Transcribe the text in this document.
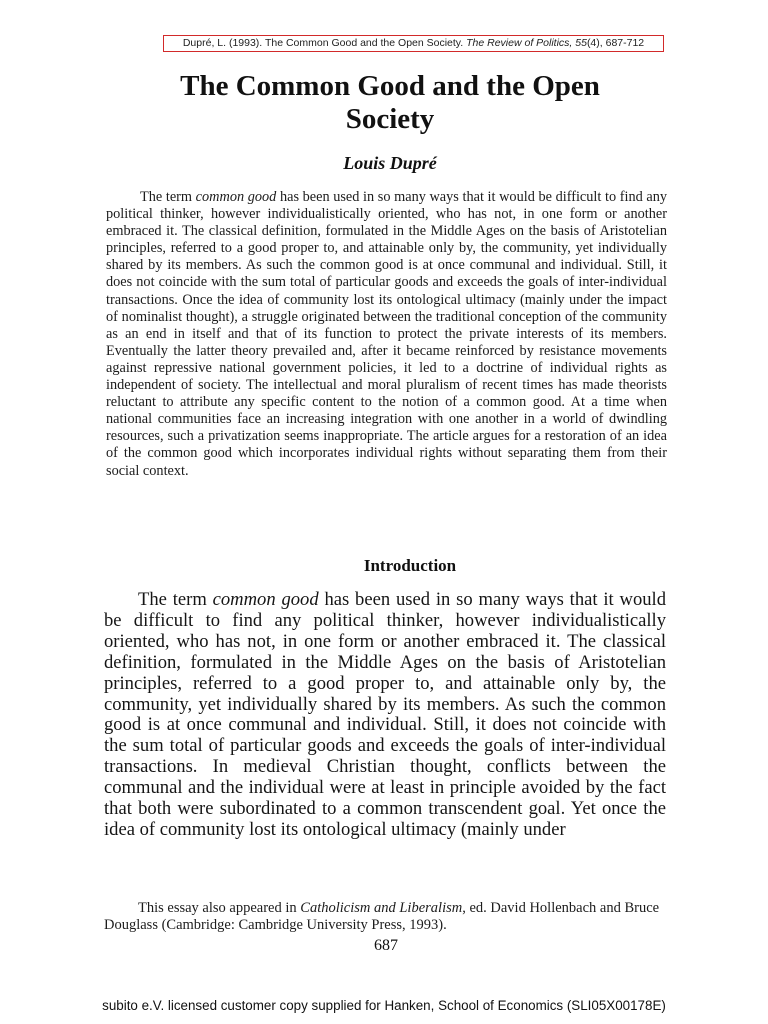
Dupré, L. (1993). The Common Good and the Open Society. The Review of Politics, 55(4), 687-712
The Common Good and the Open
Society
Louis Dupré

The term common good has been used in so many ways that it would be difficult to find any political thinker, however individualistically oriented, who has not, in one form or another embraced it. The classical definition, formulated in the Middle Ages on the basis of Aristotelian principles, referred to a good proper to, and attainable only by, the community, yet individually shared by its members. As such the common good is at once communal and individual. Still, it does not coincide with the sum total of particular goods and exceeds the goals of inter-individual transactions. Once the idea of community lost its ontological ultimacy (mainly under the impact of nominalist thought), a struggle originated between the traditional conception of the community as an end in itself and that of its function to protect the private interests of its members. Eventually the latter theory prevailed and, after it became reinforced by resistance movements against repressive national government policies, it led to a doctrine of individual rights as independent of society. The intellectual and moral pluralism of recent times has made theorists reluctant to attribute any specific content to the notion of a common good. At a time when national communities face an increasing integration with one another in a world of dwindling resources, such a privatization seems inappropriate. The article argues for a restoration of an idea of the common good which incorporates individual rights without separating them from their social context.

Introduction

The term common good has been used in so many ways that it would be difficult to find any political thinker, however individualistically oriented, who has not, in one form or another embraced it. The classical definition, formulated in the Middle Ages on the basis of Aristotelian principles, referred to a good proper to, and attainable only by, the community, yet individually shared by its members. As such the common good is at once communal and individual. Still, it does not coincide with the sum total of particular goods and exceeds the goals of inter-individual transactions. In medieval Christian thought, conflicts between the communal and the individual were at least in principle avoided by the fact that both were subordinated to a common transcendent goal. Yet once the idea of community lost its ontological ultimacy (mainly under

This essay also appeared in Catholicism and Liberalism, ed. David Hollenbach and Bruce Douglass (Cambridge: Cambridge University Press, 1993).

687
subito e.V. licensed customer copy supplied for Hanken, School of Economics (SLI05X00178E)
